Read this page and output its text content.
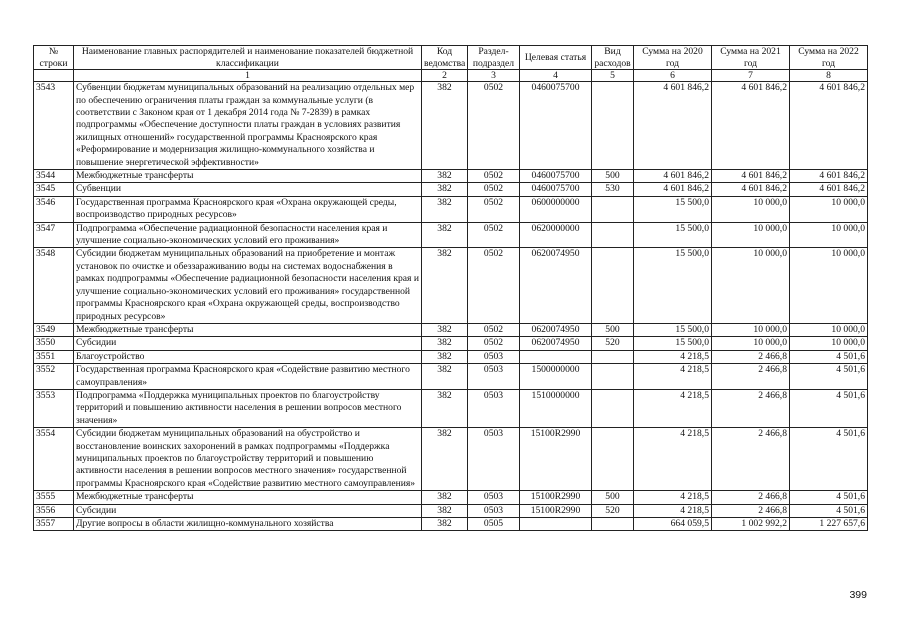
№ строки	Наименование главных распорядителей и наименование показателей бюджетной классификации	Код ведомства	Раздел-подраздел	Целевая статья	Вид расходов	Сумма на 2020 год	Сумма на 2021 год	Сумма на 2022 год
	1	2	3	4	5	6	7	8
3543	Субвенции бюджетам муниципальных образований на реализацию отдельных мер по обеспечению ограничения платы граждан за коммунальные услуги (в соответствии с Законом края от 1 декабря 2014 года № 7-2839) в рамках подпрограммы «Обеспечение доступности платы граждан в условиях развития жилищных отношений» государственной программы Красноярского края «Реформирование и модернизация жилищно-коммунального хозяйства и повышение энергетической эффективности»	382	0502	0460075700		4 601 846,2	4 601 846,2	4 601 846,2
3544	Межбюджетные трансферты	382	0502	0460075700	500	4 601 846,2	4 601 846,2	4 601 846,2
3545	Субвенции	382	0502	0460075700	530	4 601 846,2	4 601 846,2	4 601 846,2
3546	Государственная программа Красноярского края «Охрана окружающей среды, воспроизводство природных ресурсов»	382	0502	0600000000		15 500,0	10 000,0	10 000,0
3547	Подпрограмма «Обеспечение радиационной безопасности населения края и улучшение социально-экономических условий его проживания»	382	0502	0620000000		15 500,0	10 000,0	10 000,0
3548	Субсидии бюджетам муниципальных образований на приобретение и монтаж установок по очистке и обеззараживанию воды на системах водоснабжения в рамках подпрограммы «Обеспечение радиационной безопасности населения края и улучшение социально-экономических условий его проживания» государственной программы Красноярского края «Охрана окружающей среды, воспроизводство природных ресурсов»	382	0502	0620074950		15 500,0	10 000,0	10 000,0
3549	Межбюджетные трансферты	382	0502	0620074950	500	15 500,0	10 000,0	10 000,0
3550	Субсидии	382	0502	0620074950	520	15 500,0	10 000,0	10 000,0
3551	Благоустройство	382	0503			4 218,5	2 466,8	4 501,6
3552	Государственная программа Красноярского края «Содействие развитию местного самоуправления»	382	0503	1500000000		4 218,5	2 466,8	4 501,6
3553	Подпрограмма «Поддержка муниципальных проектов по благоустройству территорий и повышению активности населения в решении вопросов местного значения»	382	0503	1510000000		4 218,5	2 466,8	4 501,6
3554	Субсидии бюджетам муниципальных образований на обустройство и восстановление воинских захоронений в рамках подпрограммы «Поддержка муниципальных проектов по благоустройству территорий и повышению активности населения в решении вопросов местного значения» государственной программы Красноярского края «Содействие развитию местного самоуправления»	382	0503	15100R2990		4 218,5	2 466,8	4 501,6
3555	Межбюджетные трансферты	382	0503	15100R2990	500	4 218,5	2 466,8	4 501,6
3556	Субсидии	382	0503	15100R2990	520	4 218,5	2 466,8	4 501,6
3557	Другие вопросы в области жилищно-коммунального хозяйства	382	0505			664 059,5	1 002 992,2	1 227 657,6
399
